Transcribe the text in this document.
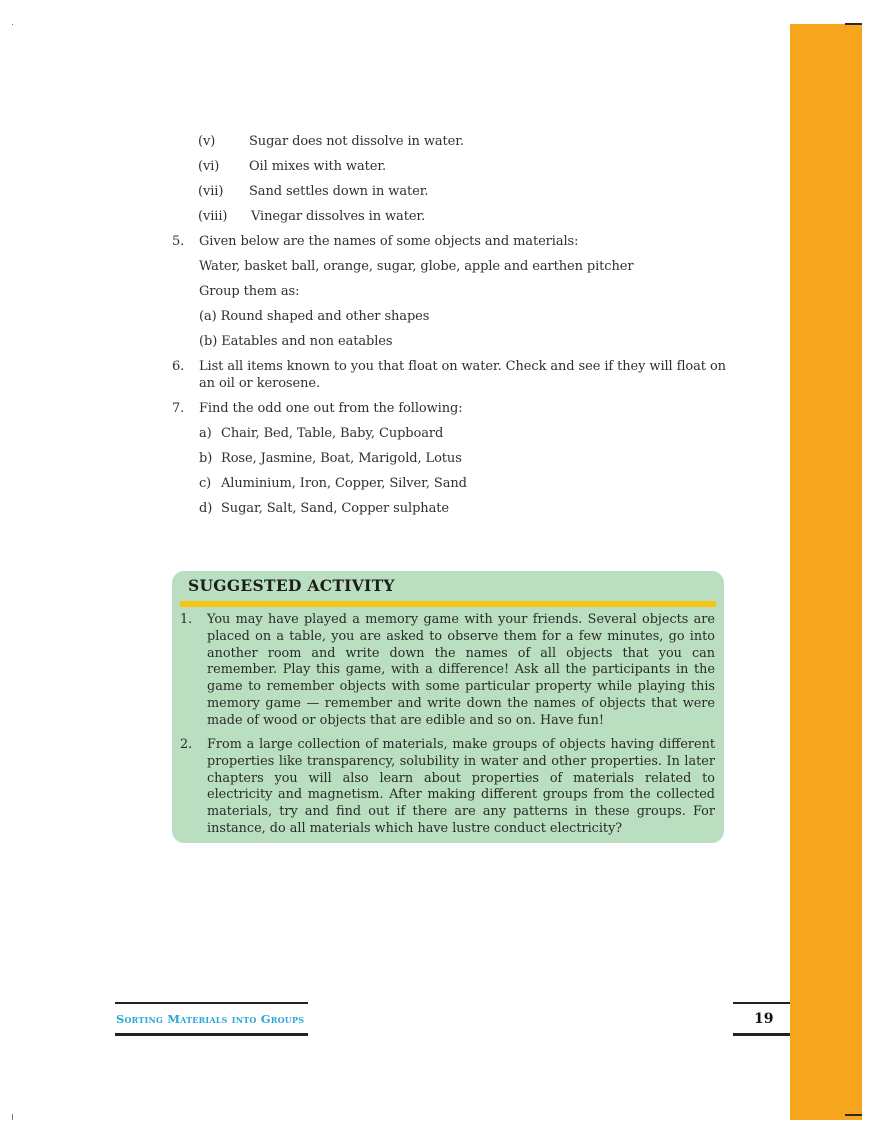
(v)	Sugar does not dissolve in water.
(vi) Oil mixes with water.
(vii) Sand settles down in water.
(viii) Vinegar dissolves in water.
5. Given below are the names of some objects and materials:
Water, basket ball, orange, sugar, globe, apple and earthen pitcher
Group them as:
(a) Round shaped and other shapes
(b) Eatables and non eatables
6. List all items known to you that float on water. Check and see if they will float on
an oil or kerosene.
7. Find the odd one out from the following:
a) Chair, Bed, Table, Baby, Cupboard
b) Rose, Jasmine, Boat, Marigold, Lotus
c) Aluminium, Iron, Copper, Silver, Sand
d) Sugar, Salt, Sand, Copper sulphate
SUGGESTED ACTIVITY
1. You may have played a memory game with your friends. Several objects are placed on a table, you are asked to observe them for a few minutes, go into another room and write down the names of all objects that you can remember. Play this game, with a difference! Ask all the participants in the game to remember objects with some particular property while playing this memory game — remember and write down the names of objects that were made of wood or objects that are edible and so on. Have fun!
2. From a large collection of materials, make groups of objects having different properties like transparency, solubility in water and other properties. In later chapters you will also learn about properties of materials related to electricity and magnetism. After making different groups from the collected materials, try and find out if there are any patterns in these groups. For instance, do all materials which have lustre conduct electricity?
Sorting Materials into Groups	19
